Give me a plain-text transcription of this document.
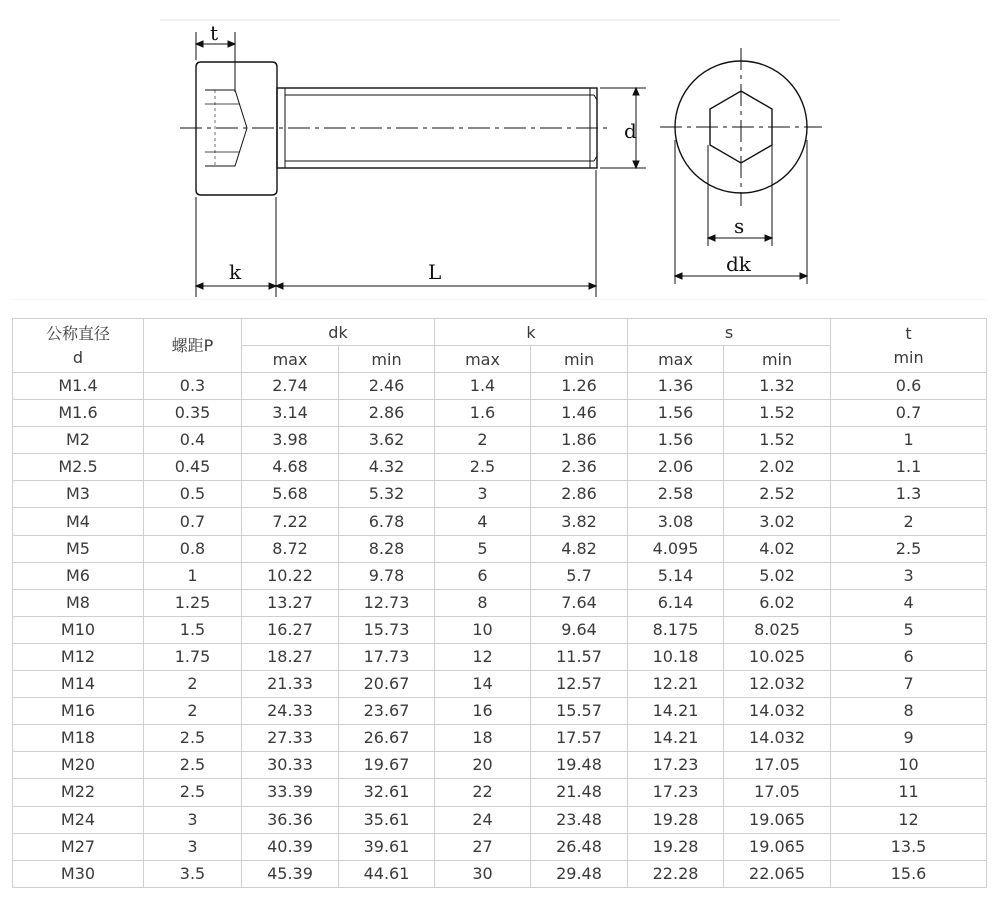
t
k	L
d
s
dk
公称直径
d	螺距P	dk		k		s		t
min
		max	min	max	min	max	min	
M1.4	0.3	2.74	2.46	1.4	1.26	1.36	1.32	0.6
M1.6	0.35	3.14	2.86	1.6	1.46	1.56	1.52	0.7
M2	0.4	3.98	3.62	2	1.86	1.56	1.52	1
M2.5	0.45	4.68	4.32	2.5	2.36	2.06	2.02	1.1
M3	0.5	5.68	5.32	3	2.86	2.58	2.52	1.3
M4	0.7	7.22	6.78	4	3.82	3.08	3.02	2
M5	0.8	8.72	8.28	5	4.82	4.095	4.02	2.5
M6	1	10.22	9.78	6	5.7	5.14	5.02	3
M8	1.25	13.27	12.73	8	7.64	6.14	6.02	4
M10	1.5	16.27	15.73	10	9.64	8.175	8.025	5
M12	1.75	18.27	17.73	12	11.57	10.18	10.025	6
M14	2	21.33	20.67	14	12.57	12.21	12.032	7
M16	2	24.33	23.67	16	15.57	14.21	14.032	8
M18	2.5	27.33	26.67	18	17.57	14.21	14.032	9
M20	2.5	30.33	19.67	20	19.48	17.23	17.05	10
M22	2.5	33.39	32.61	22	21.48	17.23	17.05	11
M24	3	36.36	35.61	24	23.48	19.28	19.065	12
M27	3	40.39	39.61	27	26.48	19.28	19.065	13.5
M30	3.5	45.39	44.61	30	29.48	22.28	22.065	15.6
